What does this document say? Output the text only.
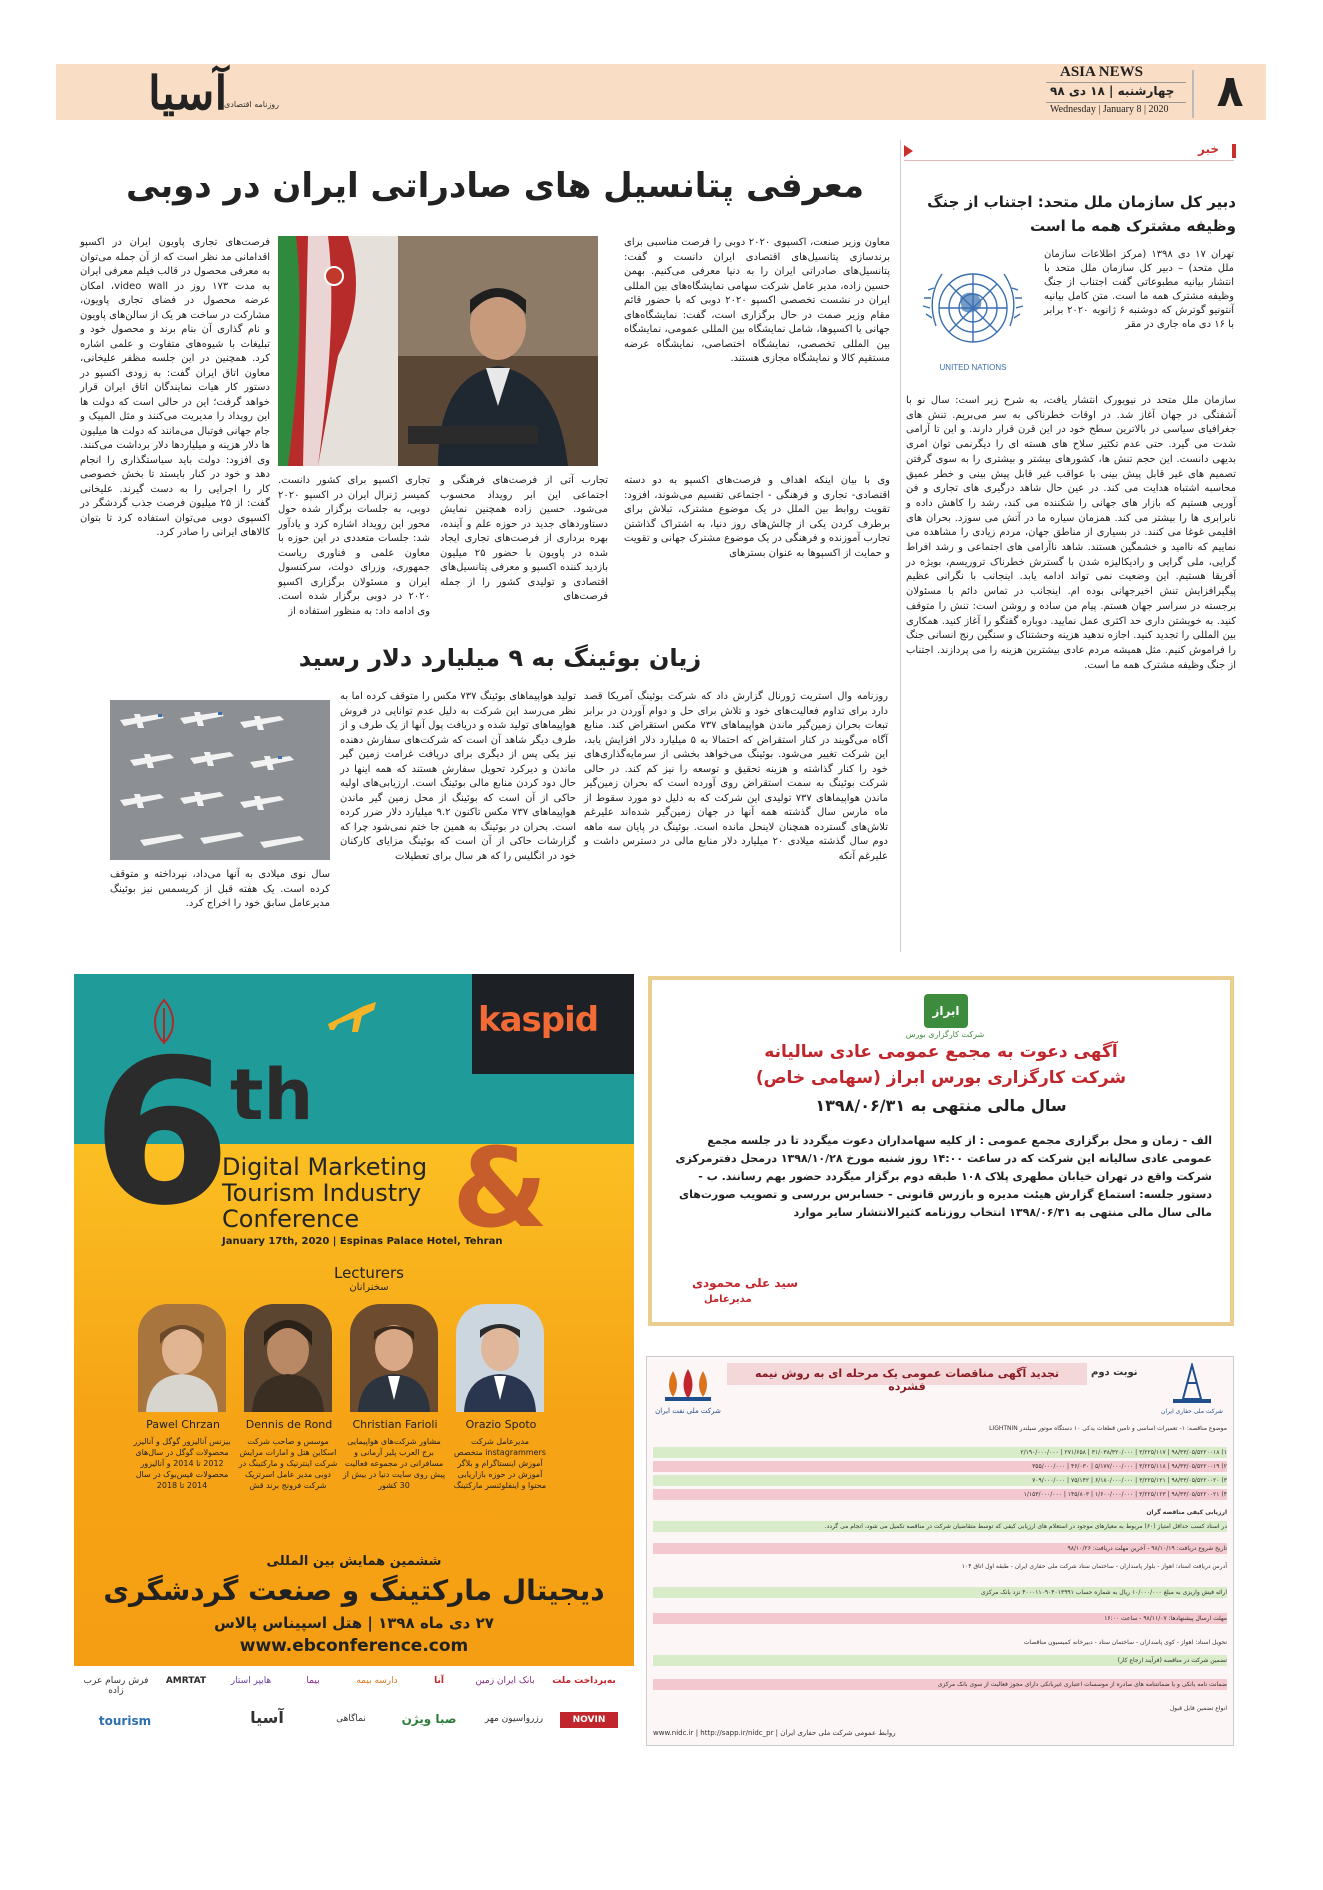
آسیا
روزنامه اقتصادی
ASIA NEWS
چهارشنبه | ۱۸ دی ۹۸
Wednesday | January 8 | 2020	۸
خبر
دبیر کل سازمان ملل متحد: اجتناب از جنگ وظیفه مشترک همه ما است
UNITED NATIONS
تهران ۱۷ دی ۱۳۹۸ (مرکز اطلاعات سازمان ملل متحد) – دبیر کل سازمان ملل متحد با انتشار بیانیه مطبوعاتی گفت اجتناب از جنگ وظیفه مشترک همه ما است. متن کامل بیانیه آنتونیو گوترش که دوشنبه ۶ ژانویه ۲۰۲۰ برابر با ۱۶ دی ماه جاری در مقر
سازمان ملل متحد در نیویورک انتشار یافت، به شرح زیر است: سال نو با آشفتگی در جهان آغاز شد. در اوقات خطرناکی به سر می‌بریم. تنش های جغرافیای سیاسی در بالاترین سطح خود در این قرن قرار دارند. و این تا آرامی شدت می گیرد. حتی عدم تکثیر سلاح های هسته ای را دیگرنمی توان امری بدیهی دانست. این حجم تنش ها، کشورهای بیشتر و بیشتری را به سوی گرفتن تصمیم های غیر قابل پیش بینی با عواقب غیر قابل پیش بینی و خطر عمیق محاسبه اشتباه هدایت می کند. در عین حال شاهد درگیری های تجاری و فن آوریی هستیم که بازار های جهانی را شکننده می کند، رشد را کاهش داده و نابرابری ها را بیشتر می کند. همزمان سیاره ما در آتش می سوزد. بحران های اقلیمی غوغا می کنند. در بسیاری از مناطق جهان، مردم زیادی را مشاهده می نماییم که ناامید و خشمگین هستند. شاهد ناآرامی های اجتماعی و رشد افراط گرایی، ملی گرایی و رادیکالیزه شدن با گسترش خطرناک تروریسم، بویژه در آفریقا هستیم. این وضعیت نمی تواند ادامه یابد. اینجانب با نگرانی عظیم پیگیرافزایش تنش اخیرجهانی بوده ام. اینجانب در تماس دائم با مسئولان برجسته در سراسر جهان هستم. پیام من ساده و روشن است: تنش را متوقف کنید. به خویشتن داری حد اکثری عمل نمایید. دوباره گفتگو را آغاز کنید. همکاری بین المللی را تجدید کنید. اجازه ندهید هزینه وحشتناک و سنگین رنج انسانی جنگ را فراموش کنیم. مثل همیشه مردم عادی بیشترین هزینه را می پردازند. اجتناب از جنگ وظیفه مشترک همه ما است.
معرفی پتانسیل های صادراتی ایران در دوبی
معاون وزیر صنعت، اکسپوی ۲۰۲۰ دوبی را فرصت مناسبی برای برندسازی پتانسیل‌های اقتصادی ایران دانست و گفت: پتانسیل‌های صادراتی ایران را به دنیا معرفی می‌کنیم. بهمن حسین زاده، مدیر عامل شرکت سهامی نمایشگاه‌های بین المللی ایران در نشست تخصصی اکسپو ۲۰۲۰ دوبی که با حضور قائم مقام وزیر صمت در حال برگزاری است، گفت: نمایشگاه‌های جهانی یا اکسپوها، شامل نمایشگاه بین المللی عمومی، نمایشگاه بین المللی تخصصی، نمایشگاه اختصاصی، نمایشگاه عرضه مستقیم کالا و نمایشگاه مجازی هستند.
فرصت‌های تجاری پاویون ایران در اکسپو اقدامانی مد نظر است که از آن جمله می‌توان به معرفی محصول در قالب فیلم معرفی ایران به مدت ۱۷۳ روز در video wall، امکان عرضه محصول در فضای تجاری پاویون، مشارکت در ساخت هر یک از سالن‌های پاویون و نام گذاری آن بنام برند و محصول خود و تبلیغات با شیوه‌های متفاوت و علمی اشاره کرد. همچنین در این جلسه مظفر علیخانی، معاون اتاق ایران گفت: به زودی اکسپو در دستور کار هیات نمایندگان اتاق ایران قرار خواهد گرفت؛ این در حالی است که دولت ها این رویداد را مدیریت می‌کنند و مثل المپیک و جام جهانی فوتبال می‌مانند که دولت ها میلیون ها دلار هزینه و میلیاردها دلار برداشت می‌کنند. وی افزود: دولت باید سیاستگذاری را انجام دهد و خود در کنار بایستد تا بخش خصوصی کار را اجرایی را به دست گیرند. علیخانی گفت: از ۲۵ میلیون فرصت جذب گردشگر در اکسپوی دوبی می‌توان استفاده کرد تا بتوان کالاهای ایرانی را صادر کرد.
تجاری اکسپو برای کشور دانست. کمیسر ژنرال ایران در اکسپو ۲۰۲۰ دوبی، به جلسات برگزار شده حول محور این رویداد اشاره کرد و یادآور شد: جلسات متعددی در این حوزه با معاون علمی و فناوری ریاست جمهوری، وزرای دولت، سرکنسول ایران و مسئولان برگزاری اکسپو ۲۰۲۰ در دوبی برگزار شده است. وی ادامه داد: به منظور استفاده از
تجارب آتی از فرصت‌های فرهنگی و اجتماعی این ابر رویداد محسوب می‌شود. حسین زاده همچنین نمایش دستاوردهای جدید در حوزه علم و آینده، بهره برداری از فرصت‌های تجاری ایجاد شده در پاویون با حضور ۲۵ میلیون بازدید کننده اکسپو و معرفی پتانسیل‌های اقتصادی و تولیدی کشور را از جمله فرصت‌های
وی با بیان اینکه اهداف و فرصت‌های اکسپو به دو دسته اقتصادی- تجاری و فرهنگی - اجتماعی تقسیم می‌شوند، افزود: تقویت روابط بین الملل در یک موضوع مشترک، تبلاش برای برطرف کردن یکی از چالش‌های روز دنیا، به اشتراک گذاشتن تجارب آموزنده و فرهنگی در یک موضوع مشترک جهانی و تقویت و حمایت از اکسپوها به عنوان بسترهای
زیان بوئینگ به ۹ میلیارد دلار رسید
روزنامه وال استریت ژورنال گزارش داد که شرکت بوئینگ آمریکا قصد دارد برای تداوم فعالیت‌های خود و تلاش برای حل و دوام آوردن در برابر تبعات بحران زمین‌گیر ماندن هواپیماهای ۷۳۷ مکس استقراض کند. منابع آگاه می‌گویند در کنار استقراض که احتمالا به ۵ میلیارد دلار افزایش یابد، این شرکت تغییر می‌شود. بوئینگ می‌خواهد بخشی از سرمایه‌گذاری‌های خود را کنار گذاشته و هزینه تحقیق و توسعه را نیز کم کند. در حالی شرکت بوئینگ به سمت استقراض روی آورده است که بحران زمین‌گیر ماندن هواپیماهای ۷۳۷ تولیدی این شرکت که به دلیل دو مورد سقوط از ماه مارس سال گذشته همه آنها در جهان زمین‌گیر شده‌اند علیرغم تلاش‌های گسترده همچنان لاینحل مانده است. بوئینگ در پایان سه ماهه دوم سال گذشته میلادی ۲۰ میلیارد دلار منابع مالی در دسترس داشت و علیرغم آنکه
تولید هواپیماهای بوئینگ ۷۳۷ مکس را متوقف کرده اما به نظر می‌رسد این شرکت به دلیل عدم توانایی در فروش هواپیماهای تولید شده و دریافت پول آنها از یک طرف و از طرف دیگر شاهد آن است که شرکت‌های سفارش دهنده نیز یکی پس از دیگری برای دریافت غرامت زمین گیر ماندن و دیرکرد تحویل سفارش هستند که همه اینها در حال دود کردن منابع مالی بوئینگ است. ارزیابی‌های اولیه حاکی از آن است که بوئینگ از محل زمین گیر ماندن هواپیماهای ۷۳۷ مکس تاکنون ۹.۲ میلیارد دلار ضرر کرده است. بحران در بوئینگ به همین جا ختم نمی‌شود چرا که گزارشات حاکی از آن است که بوئینگ مزایای کارکنان خود در انگلیس را که هر سال برای تعطیلات
سال نوی میلادی به آنها می‌داد، نپرداخته و متوقف کرده است. یک هفته قبل از کریسمس نیز بوئینگ مدیرعامل سابق خود را اخراج کرد.
kaspid
6
th
&
Digital Marketing
Tourism Industry
Conference
January 17th, 2020 | Espinas Palace Hotel, Tehran
Lecturers
سخنرانان
Pawel Chrzan	Dennis de Rond	Christian Farioli	Orazio Spoto
بیزنس آنالیزور گوگل و آنالیزر محصولات گوگل در سال‌های 2012 تا 2014 و آنالیزور محصولات فیس‌بوک در سال 2014 تا 2018
موسس و صاحب شرکت اسکاین هتل و امارات مرایش شرکت اینترنیک و مارکتینگ در دوبی مدیر عامل اسرتزیک شرکت فرونج برند قش
مشاور شرکت‌های هواپیمایی برج العرب پلیر آرمانی و مسافرانی در مجموعه فعالیت پیش روی سایت دنیا در بیش از 30 کشور
مدیرعامل شرکت instagrammers متخصص آموزش اینستاگرام و بلاگر آموزش در حوزه بازاریابی محتوا و اینفلوئنسر مارکتینگ
ششمین همایش بین المللی
دیجیتال مارکتینگ و صنعت گردشگری
۲۷ دی ماه ۱۳۹۸ | هتل اسپیناس پالاس
www.ebconference.com
به‌پرداخت ملت
بانک ایران زمین
آنا
دارسه بیمه
بیما
هایپر استار
AMRTAT
فرش رسام عرب زاده
NOVIN
رزرواسیون مهر
صبا ویژن
نماگاهی
آسیا
tourism
ابراز
شرکت کارگزاری بورس
آگهی دعوت به مجمع عمومی عادی سالیانه
شرکت کارگزاری بورس ابراز (سهامی خاص)
سال مالی منتهی به ۱۳۹۸/۰۶/۳۱
الف - زمان و محل برگزاری مجمع عمومی : از کلیه سهامداران دعوت میگردد تا در جلسه مجمع عمومی عادی سالیانه این شرکت که در ساعت ۱۴:۰۰ روز شنبه مورخ ۱۳۹۸/۱۰/۲۸ درمحل دفترمرکزی شرکت واقع در تهران خیابان مطهری پلاک ۱۰۸ طبقه دوم برگزار میگردد حضور بهم رسانند. ب - دستور جلسه: استماع گزارش هیئت مدیره و بازرس قانونی - حسابرس بررسی و تصویب صورت‌های مالی سال مالی منتهی به ۱۳۹۸/۰۶/۳۱ انتخاب روزنامه کثیرالانتشار سایر موارد
سید علی محمودی
مدیرعامل
تجدید آگهی مناقصات عمومی یک مرحله ای به روش نیمه فشرده
نوبت دوم
شرکت ملی نفت ایران	شرکت ملی حفاری ایران
موضوع مناقصه: ۱- تعمیرات اساسی و تامین قطعات یدکی ۱۰ دستگاه موتور سیلندر LIGHTNIN
۱) ۹۸/۳۳/۰۵/۵۲۲۰۰۱۸ | ۳/۲۲۵/۱۱۷ | ۳۱/۰۳۸/۳۲۰/۰۰۰ | ۲۷۱/۶۵۸ | ۲/۱۹۰/۰۰۰/۰۰۰
۲) ۹۸/۳۳/۰۵/۵۲۲۰۰۱۹ | ۳/۲۲۵/۱۱۸ | ۵/۱۷۷/۰۰۰/۰۰۰ | ۴۶/۰۳۰ | ۳۵۵/۰۰۰/۰۰۰
۳) ۹۸/۳۳/۰۵/۵۲۲۰۰۲۰ | ۳/۲۲۵/۱۲۱ | ۶/۱۸۰/۰۰۰/۰۰۰ | ۷۵/۱۴۲ | ۷۰۹/۰۰۰/۰۰۰
۴) ۹۸/۳۳/۰۵/۵۲۲۰۰۲۱ | ۳/۲۲۵/۱۲۳ | ۱/۶۰۰/۰۰۰/۰۰۰ | ۱۴۵/۸۰۳ | ۱/۱۵۳/۰۰۰/۰۰۰
ارزیابی کیفی مناقصه گران
در اسناد کسب حداقل امتیاز (۶۰) مربوط به معیارهای موجود در استعلام های ارزیابی کیفی که توسط متقاضیان شرکت در مناقصه تکمیل می شود، انجام می گردد.
تاریخ شروع دریافت: ۹۸/۱۰/۱۹ - آخرین مهلت دریافت: ۹۸/۱۰/۲۶
آدرس دریافت اسناد: اهواز - بلوار پاسداران - ساختمان ستاد شرکت ملی حفاری ایران - طبقه اول اتاق ۱۰۴
ارائه فیش واریزی به مبلغ ۱۰/۰۰۰/۰۰۰ ریال به شماره حساب ۴۰۰۰۱۱۰۹۰۴۰۱۳۹۹۱ نزد بانک مرکزی
مهلت ارسال پیشنهادها: ۹۸/۱۱/۰۷ - ساعت ۱۶:۰۰
تحویل اسناد: اهواز - کوی پاسداران - ساختمان ستاد - دبیرخانه کمیسیون مناقصات
تضمین شرکت در مناقصه (فرآیند ارجاع کار)
ضمانت نامه بانکی و یا ضمانتنامه های صادره از موسسات اعتباری غیربانکی دارای مجوز فعالیت از سوی بانک مرکزی
انواع تضمین قابل قبول
www.nidc.ir | http://sapp.ir/nidc_pr | روابط عمومی شرکت ملی حفاری ایران
